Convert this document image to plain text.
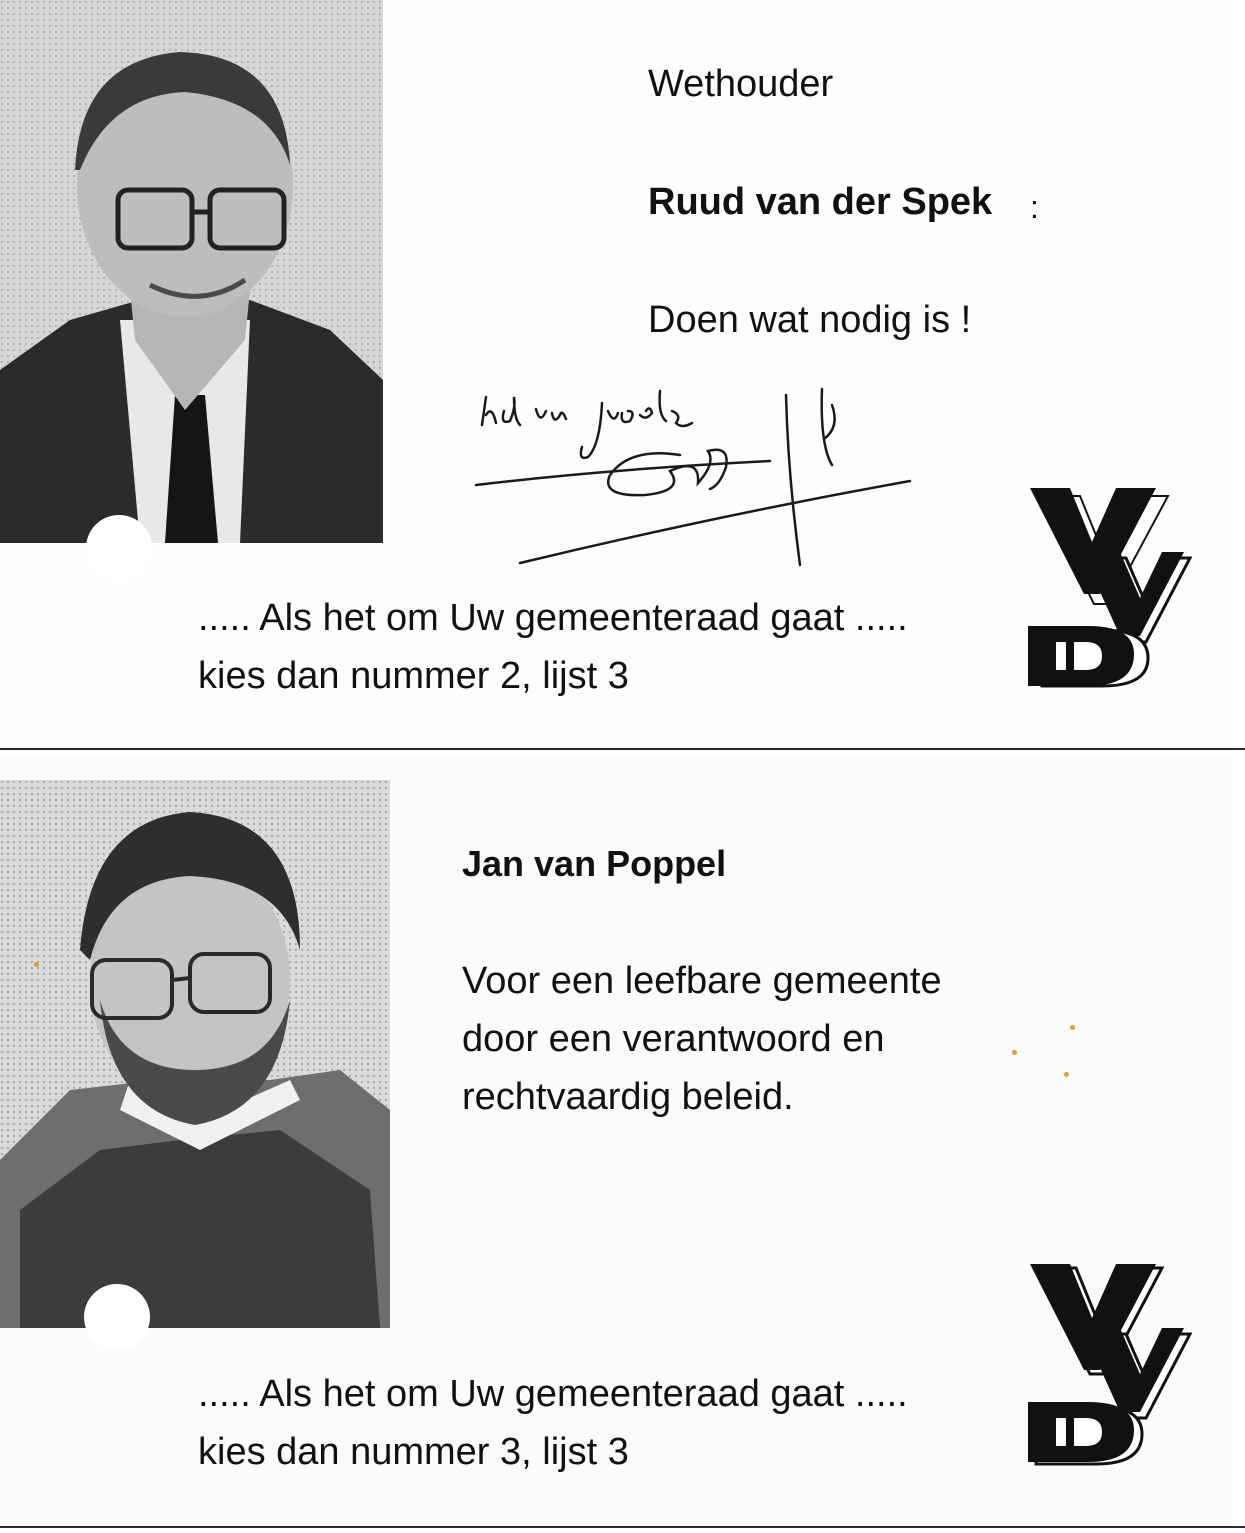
Wethouder
Ruud van der Spek :
Doen wat nodig is !
..... Als het om Uw gemeenteraad gaat .....
kies dan nummer 2, lijst 3
Jan van Poppel
Voor een leefbare gemeente
door een verantwoord en
rechtvaardig beleid.
..... Als het om Uw gemeenteraad gaat .....
kies dan nummer 3, lijst 3
